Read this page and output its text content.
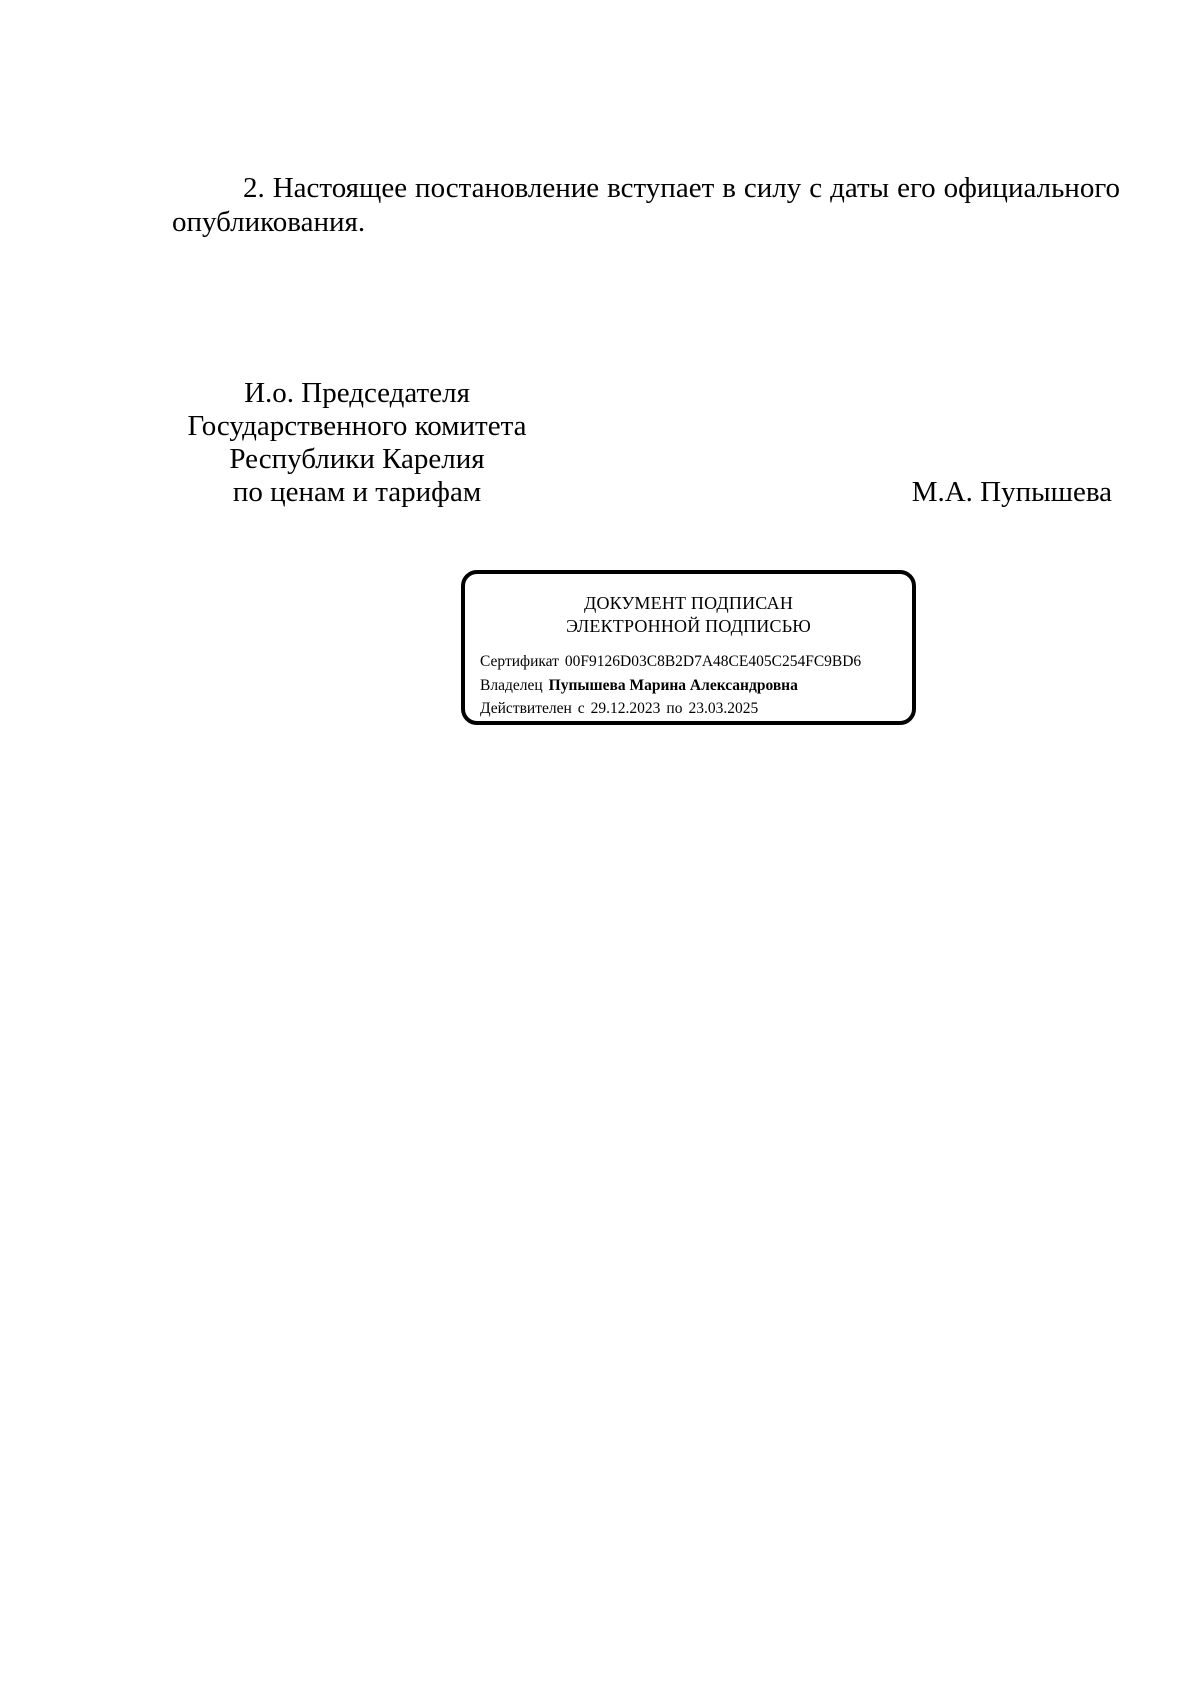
2. Настоящее постановление вступает в силу с даты его официального опубликования.

И.о. Председателя
Государственного комитета
Республики Карелия
по ценам и тарифам	М.А. Пупышева
ДОКУМЕНТ ПОДПИСАН
ЭЛЕКТРОННОЙ ПОДПИСЬЮ
Сертификат 00F9126D03C8B2D7A48CE405C254FC9BD6
Владелец Пупышева Марина Александровна
Действителен с 29.12.2023 по 23.03.2025
